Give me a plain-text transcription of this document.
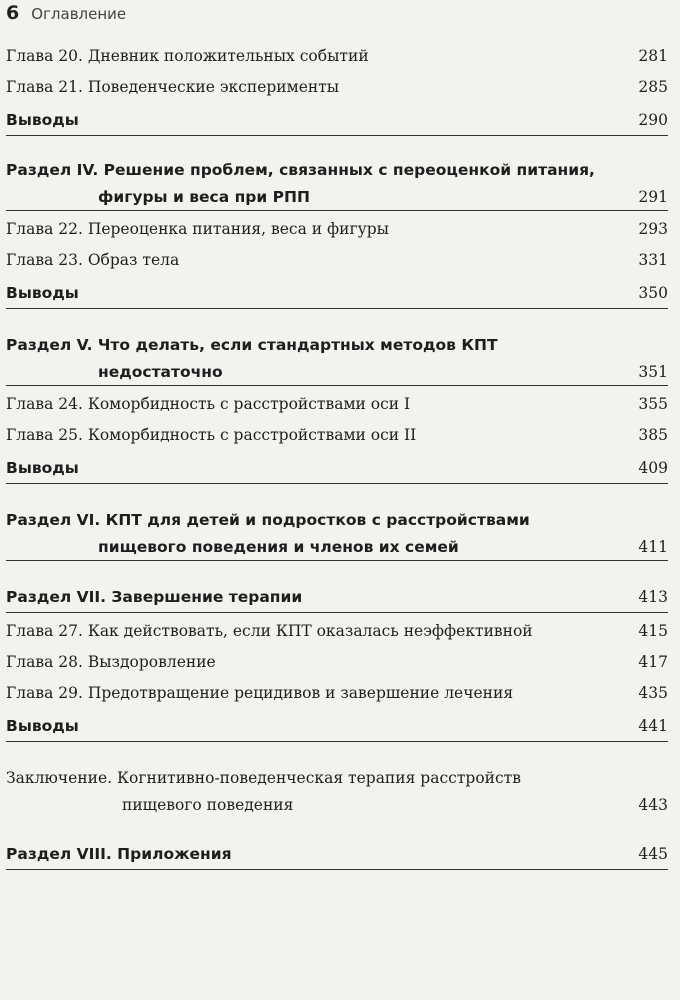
6 Оглавление
Глава 20. Дневник положительных событий	281
Глава 21. Поведенческие эксперименты	285
Выводы	290
Раздел IV. Решение проблем, связанных с переоценкой питания,
фигуры и веса при РПП	291
Глава 22. Переоценка питания, веса и фигуры	293
Глава 23. Образ тела	331
Выводы	350
Раздел V. Что делать, если стандартных методов КПТ
недостаточно	351
Глава 24. Коморбидность с расстройствами оси I	355
Глава 25. Коморбидность с расстройствами оси II	385
Выводы	409
Раздел VI. КПТ для детей и подростков с расстройствами
пищевого поведения и членов их семей	411
Раздел VII. Завершение терапии	413
Глава 27. Как действовать, если КПТ оказалась неэффективной	415
Глава 28. Выздоровление	417
Глава 29. Предотвращение рецидивов и завершение лечения	435
Выводы	441
Заключение. Когнитивно-поведенческая терапия расстройств
пищевого поведения	443
Раздел VIII. Приложения	445
